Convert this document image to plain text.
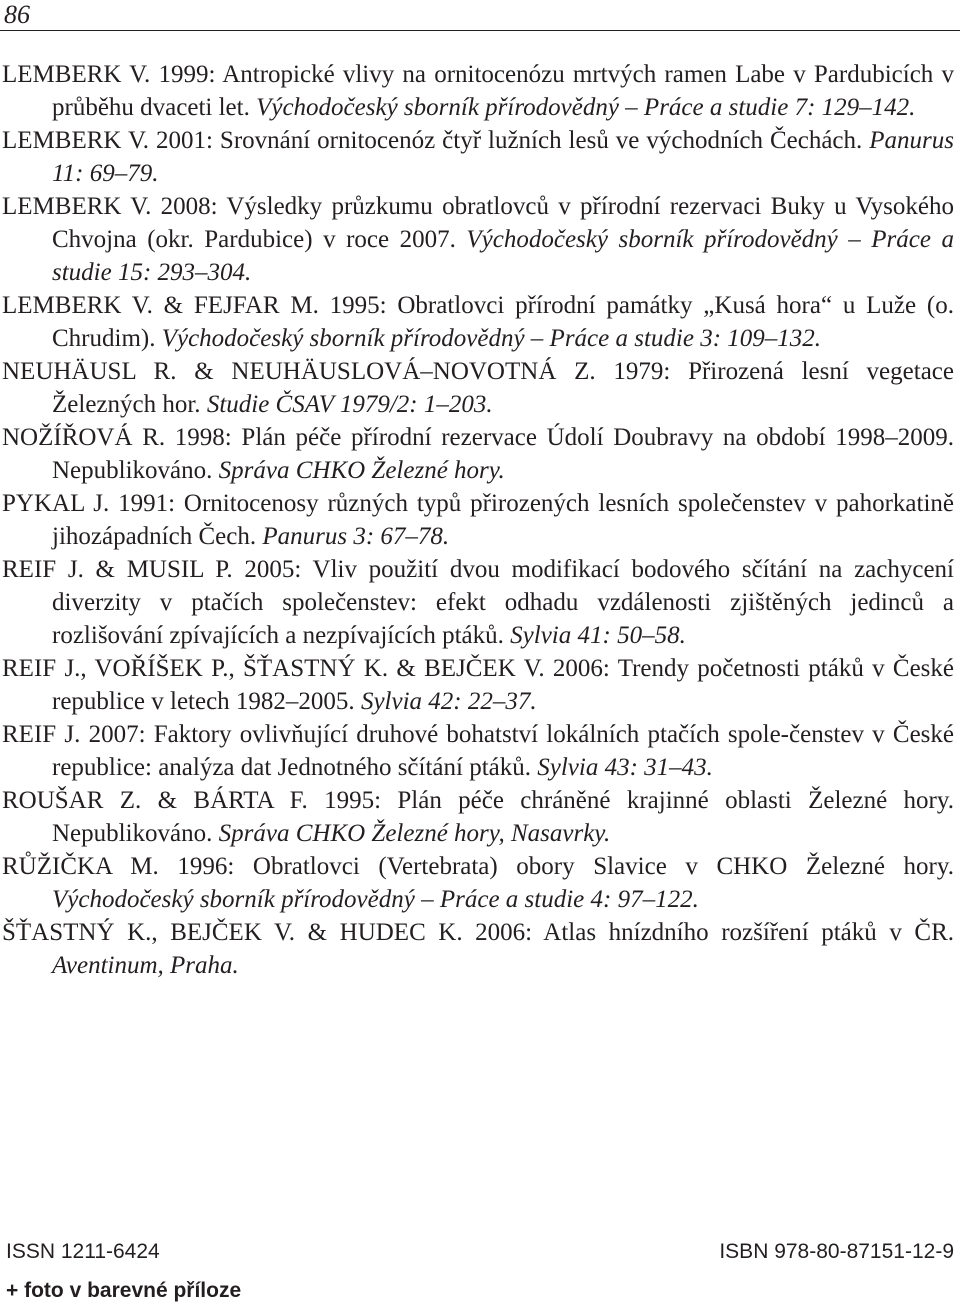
86

LEMBERK V. 1999: Antropické vlivy na ornitocenózu mrtvých ramen Labe v Pardubicích v průběhu dvaceti let. Východočeský sborník přírodovědný – Práce a studie 7: 129–142.

LEMBERK V. 2001: Srovnání ornitocenóz čtyř lužních lesů ve východních Čechách. Panurus 11: 69–79.

LEMBERK V. 2008: Výsledky průzkumu obratlovců v přírodní rezervaci Buky u Vysokého Chvojna (okr. Pardubice) v roce 2007. Východočeský sborník přírodovědný – Práce a studie 15: 293–304.

LEMBERK V. & FEJFAR M. 1995: Obratlovci přírodní památky „Kusá hora“ u Luže (o. Chrudim). Východočeský sborník přírodovědný – Práce a studie 3: 109–132.

NEUHÄUSL R. & NEUHÄUSLOVÁ–NOVOTNÁ Z. 1979: Přirozená lesní vegetace Železných hor. Studie ČSAV 1979/2: 1–203.

NOŽÍŘOVÁ R. 1998: Plán péče přírodní rezervace Údolí Doubravy na období 1998–2009. Nepublikováno. Správa CHKO Železné hory.

PYKAL J. 1991: Ornitocenosy různých typů přirozených lesních společenstev v pahorkatině jihozápadních Čech. Panurus 3: 67–78.

REIF J. & MUSIL P. 2005: Vliv použití dvou modifikací bodového sčítání na zachycení diverzity v ptačích společenstev: efekt odhadu vzdálenosti zjištěných jedinců a rozlišování zpívajících a nezpívajících ptáků. Sylvia 41: 50–58.

REIF J., VOŘÍŠEK P., ŠŤASTNÝ K. & BEJČEK V. 2006: Trendy početnosti ptáků v České republice v letech 1982–2005. Sylvia 42: 22–37.

REIF J. 2007: Faktory ovlivňující druhové bohatství lokálních ptačích spole-čenstev v České republice: analýza dat Jednotného sčítání ptáků. Sylvia 43: 31–43.

ROUŠAR Z. & BÁRTA F. 1995: Plán péče chráněné krajinné oblasti Železné hory. Nepublikováno. Správa CHKO Železné hory, Nasavrky.

RŮŽIČKA M. 1996: Obratlovci (Vertebrata) obory Slavice v CHKO Železné hory. Východočeský sborník přírodovědný – Práce a studie 4: 97–122.

ŠŤASTNÝ K., BEJČEK V. & HUDEC K. 2006: Atlas hnízdního rozšíření ptáků v ČR. Aventinum, Praha.

ISSN 1211-6424	ISBN 978-80-87151-12-9
+ foto v barevné příloze
